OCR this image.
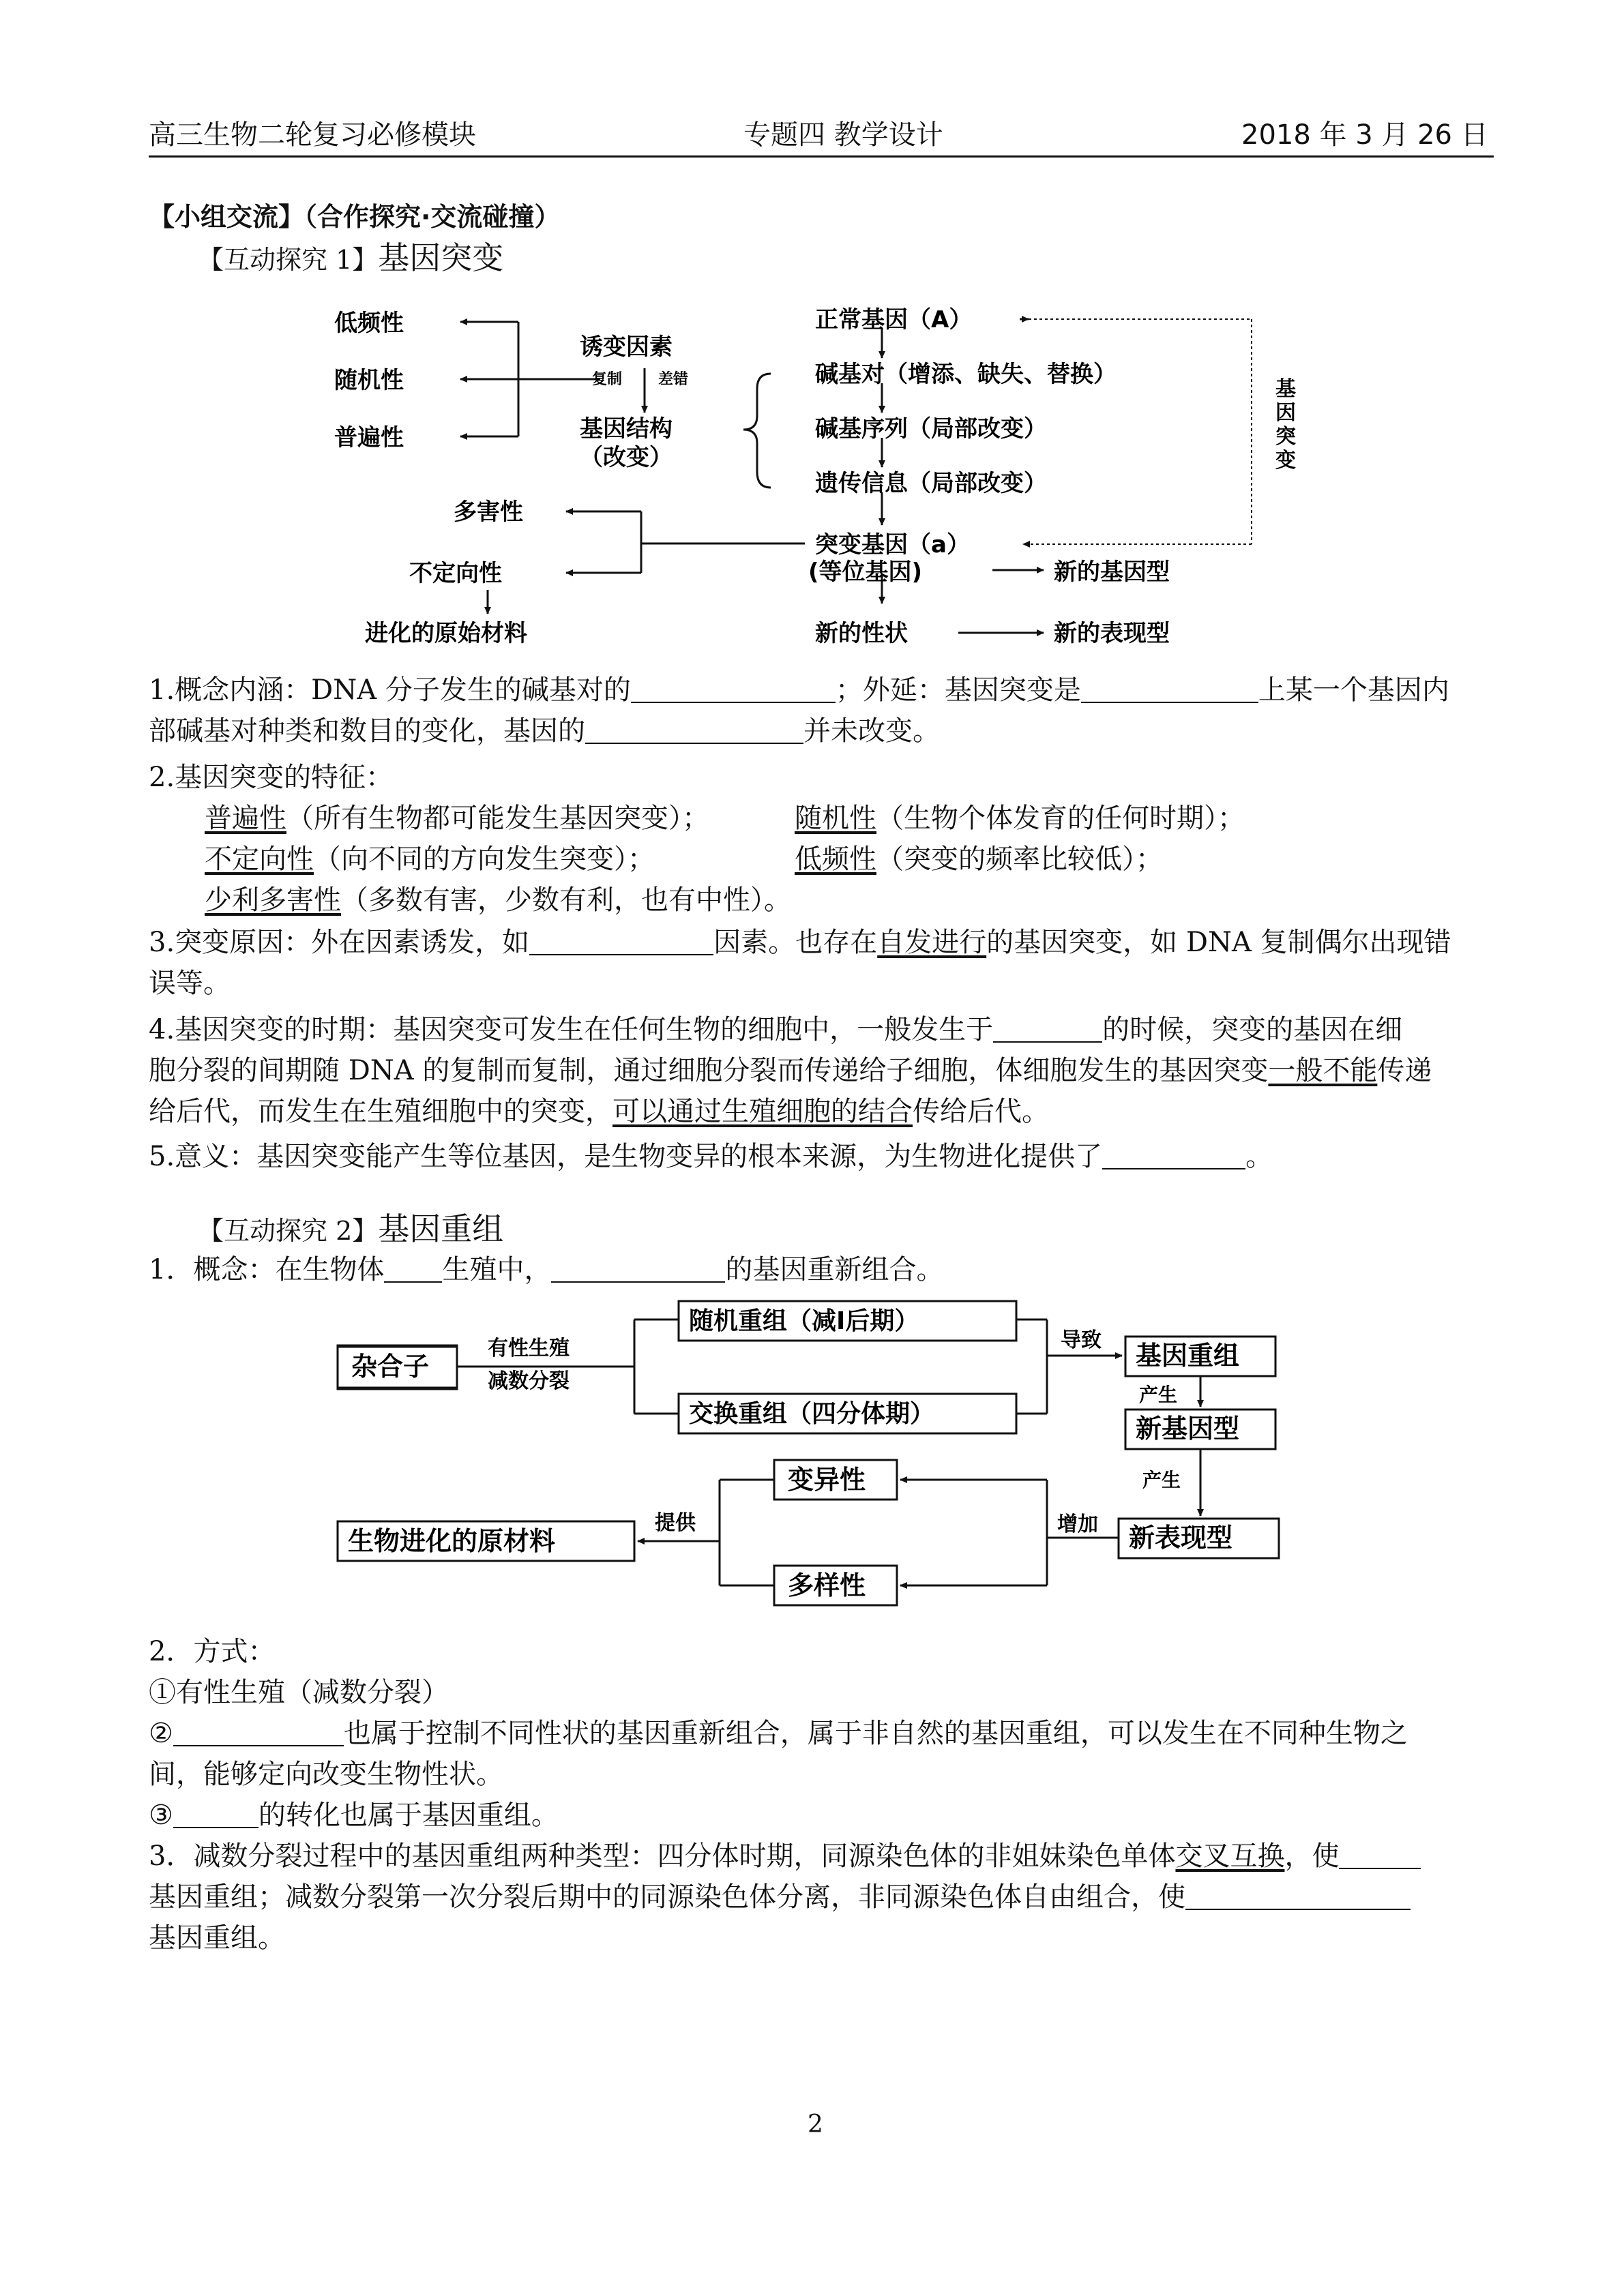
高三生物二轮复习必修模块	专题四 教学设计	2018 年 3 月 26 日
【小组交流】（合作探究·交流碰撞）
【互动探究 1】基因突变
低频性
随机性
普遍性
诱变因素
复制 差错
基因结构
（改变）
正常基因（A）
碱基对（增添、缺失、替换）
碱基序列（局部改变）
遗传信息（局部改变）
突变基因（a）
(等位基因)	新的基因型
新的性状	新的表现型
基
因
突
变
多害性
不定向性
进化的原始材料
1.概念内涵：DNA 分子发生的碱基对的	；外延：基因突变是	上某一个基因内
部碱基对种类和数目的变化，基因的	并未改变。
2.基因突变的特征：
普遍性（所有生物都可能发生基因突变）；	随机性（生物个体发育的任何时期）；
不定向性（向不同的方向发生突变）；	低频性（突变的频率比较低）；
少利多害性（多数有害，少数有利，也有中性）。
3.突变原因：外在因素诱发，如	因素。也存在自发进行的基因突变，如 DNA 复制偶尔出现错
误等。
4.基因突变的时期：基因突变可发生在任何生物的细胞中，一般发生于	的时候，突变的基因在细
胞分裂的间期随 DNA 的复制而复制，通过细胞分裂而传递给子细胞，体细胞发生的基因突变一般不能传递
给后代，而发生在生殖细胞中的突变，可以通过生殖细胞的结合传给后代。
5.意义：基因突变能产生等位基因，是生物变异的根本来源，为生物进化提供了	。
【互动探究 2】基因重组
1．概念：在生物体 生殖中，	的基因重新组合。
杂合子
有性生殖
减数分裂
随机重组（减Ⅰ后期）
交换重组（四分体期）
导致
基因重组
产生
新基因型
产生
新表现型
增加
变异性
多样性
提供
生物进化的原材料
2．方式：
①有性生殖（减数分裂）
②	也属于控制不同性状的基因重新组合，属于非自然的基因重组，可以发生在不同种生物之
间，能够定向改变生物性状。
③	的转化也属于基因重组。
3．减数分裂过程中的基因重组两种类型：四分体时期，同源染色体的非姐妹染色单体交叉互换，使
基因重组；减数分裂第一次分裂后期中的同源染色体分离，非同源染色体自由组合，使
基因重组。
2
